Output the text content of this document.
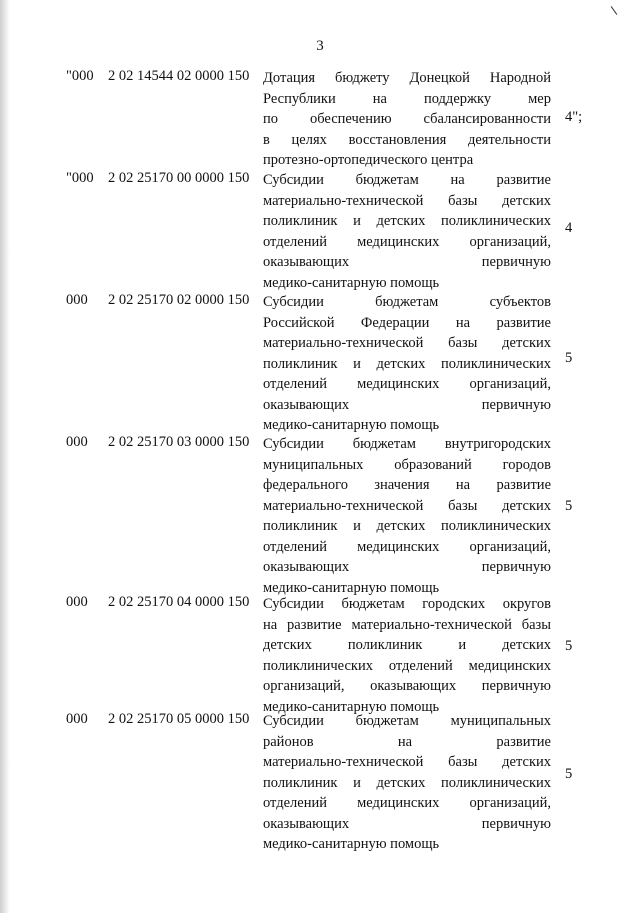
3
"000 2 02 14544 02 0000 150 Дотация бюджету Донецкой Народной
Республики на поддержку мер
по обеспечению сбалансированности
в целях восстановления деятельности
протезно-ортопедического центра
4";
"000 2 02 25170 00 0000 150 Субсидии бюджетам на развитие
материально-технической базы детских
поликлиник и детских поликлинических
отделений медицинских организаций,
оказывающих первичную
медико-санитарную помощь
4
000 2 02 25170 02 0000 150 Субсидии бюджетам субъектов
Российской Федерации на развитие
материально-технической базы детских
поликлиник и детских поликлинических
отделений медицинских организаций,
оказывающих первичную
медико-санитарную помощь
5
000 2 02 25170 03 0000 150 Субсидии бюджетам внутригородских
муниципальных образований городов
федерального значения на развитие
материально-технической базы детских
поликлиник и детских поликлинических
отделений медицинских организаций,
оказывающих первичную
медико-санитарную помощь
5
000 2 02 25170 04 0000 150 Субсидии бюджетам городских округов
на развитие материально-технической базы
детских поликлиник и детских
поликлинических отделений медицинских
организаций, оказывающих первичную
медико-санитарную помощь
5
000 2 02 25170 05 0000 150 Субсидии бюджетам муниципальных
районов на развитие
материально-технической базы детских
поликлиник и детских поликлинических
отделений медицинских организаций,
оказывающих первичную
медико-санитарную помощь
5
